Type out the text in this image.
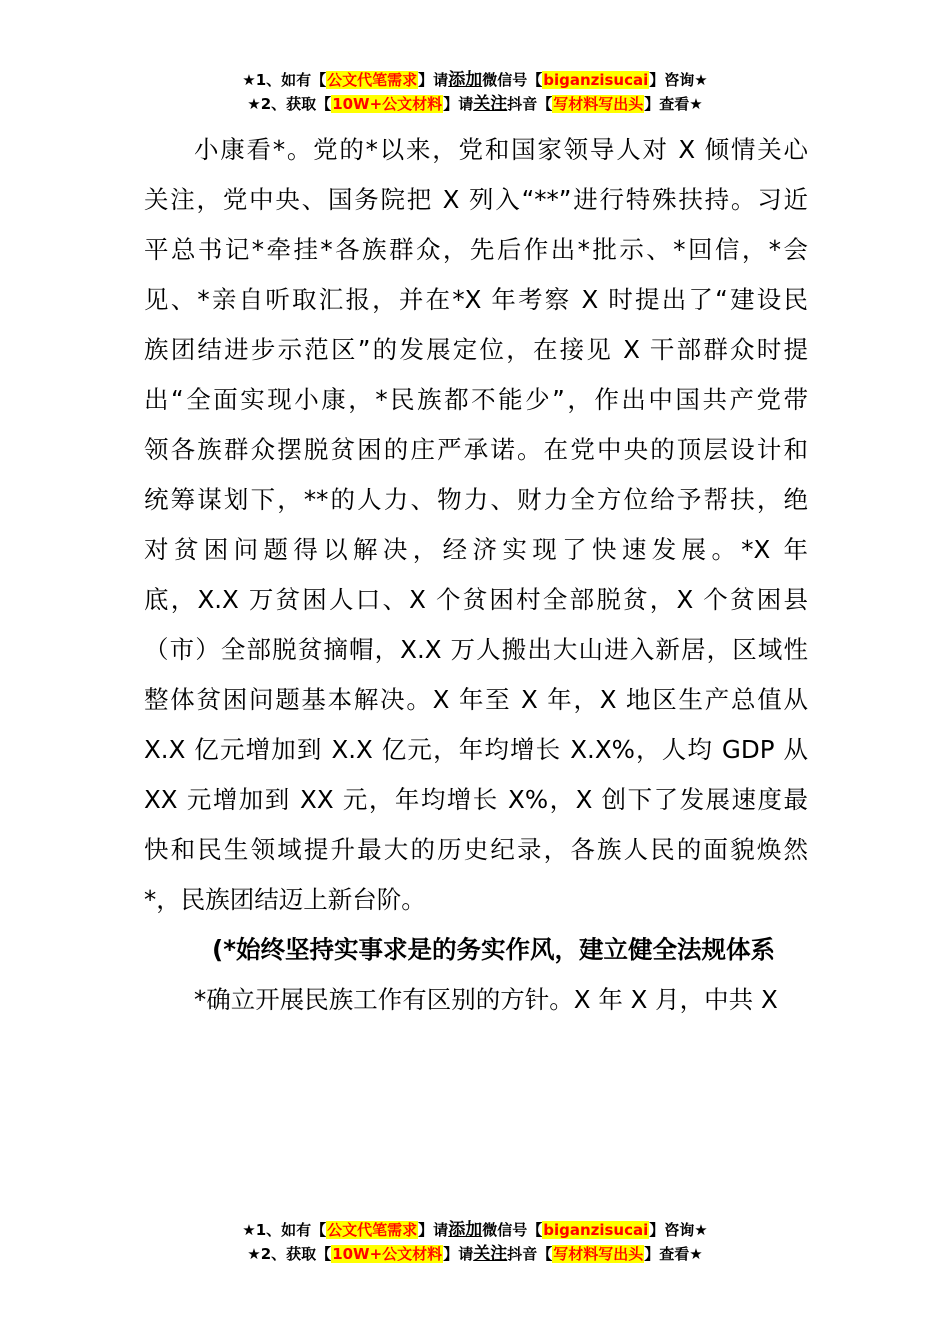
★1、如有【公文代笔需求】请添加微信号【biganzisucai】咨询★
★2、获取【10W+公文材料】请关注抖音【写材料写出头】查看★
小康看*。党的*以来，党和国家领导人对 X 倾情关心
关注，党中央、国务院把 X 列入“**”进行特殊扶持。习近
平总书记*牵挂*各族群众，先后作出*批示、*回信，*会
见、*亲自听取汇报，并在*X 年考察 X 时提出了“建设民
族团结进步示范区”的发展定位，在接见 X 干部群众时提
出“全面实现小康，*民族都不能少”，作出中国共产党带
领各族群众摆脱贫困的庄严承诺。在党中央的顶层设计和
统筹谋划下，**的人力、物力、财力全方位给予帮扶，绝
对贫困问题得以解决，经济实现了快速发展。*X 年
底，X.X 万贫困人口、X 个贫困村全部脱贫，X 个贫困县
（市）全部脱贫摘帽，X.X 万人搬出大山进入新居，区域性
整体贫困问题基本解决。X 年至 X 年，X 地区生产总值从
X.X 亿元增加到 X.X 亿元，年均增长 X.X%，人均 GDP 从
XX 元增加到 XX 元，年均增长 X%，X 创下了发展速度最
快和民生领域提升最大的历史纪录，各族人民的面貌焕然
*，民族团结迈上新台阶。
(*始终坚持实事求是的务实作风，建立健全法规体系
*确立开展民族工作有区别的方针。X 年 X 月，中共 X
★1、如有【公文代笔需求】请添加微信号【biganzisucai】咨询★
★2、获取【10W+公文材料】请关注抖音【写材料写出头】查看★
